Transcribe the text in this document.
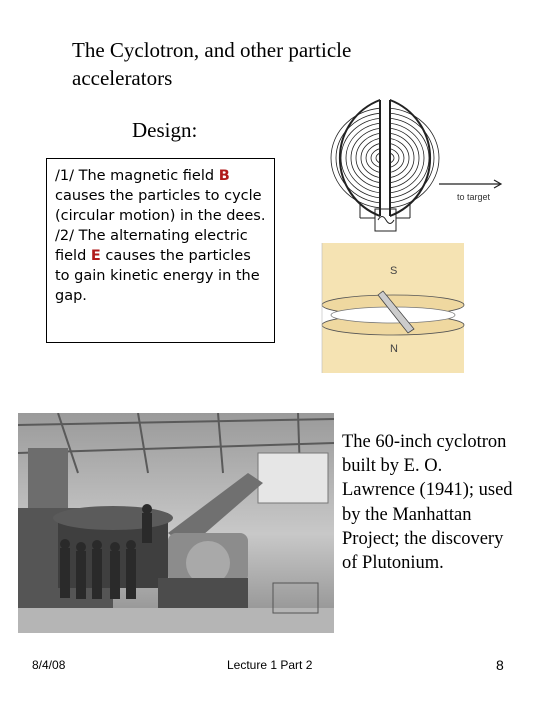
The Cyclotron, and other particle accelerators
Design:

/1/ The magnetic field B causes the particles to cycle (circular motion) in the dees.

/2/ The alternating electric field E causes the particles to gain kinetic energy in the gap.

to target
S
N
The 60-inch cyclotron built by E. O. Lawrence (1941); used by the Manhattan Project; the discovery of Plutonium.
8/4/08	Lecture 1 Part 2	8
